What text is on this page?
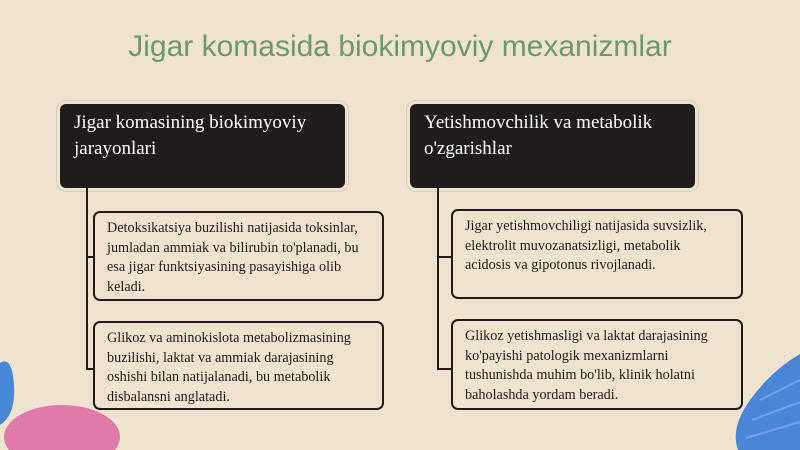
Jigar komasida biokimyoviy mexanizmlar
Jigar komasining biokimyoviy jarayonlari
Detoksikatsiya buzilishi natijasida toksinlar, jumladan ammiak va bilirubin to'planadi, bu esa jigar funktsiyasining pasayishiga olib keladi.
Glikoz va aminokislota metabolizmasining buzilishi, laktat va ammiak darajasining oshishi bilan natijalanadi, bu metabolik disbalansni anglatadi.
Yetishmovchilik va metabolik o'zgarishlar
Jigar yetishmovchiligi natijasida suvsizlik, elektrolit muvozanatsizligi, metabolik acidosis va gipotonus rivojlanadi.
Glikoz yetishmasligi va laktat darajasining ko'payishi patologik mexanizmlarni tushunishda muhim bo'lib, klinik holatni baholashda yordam beradi.
